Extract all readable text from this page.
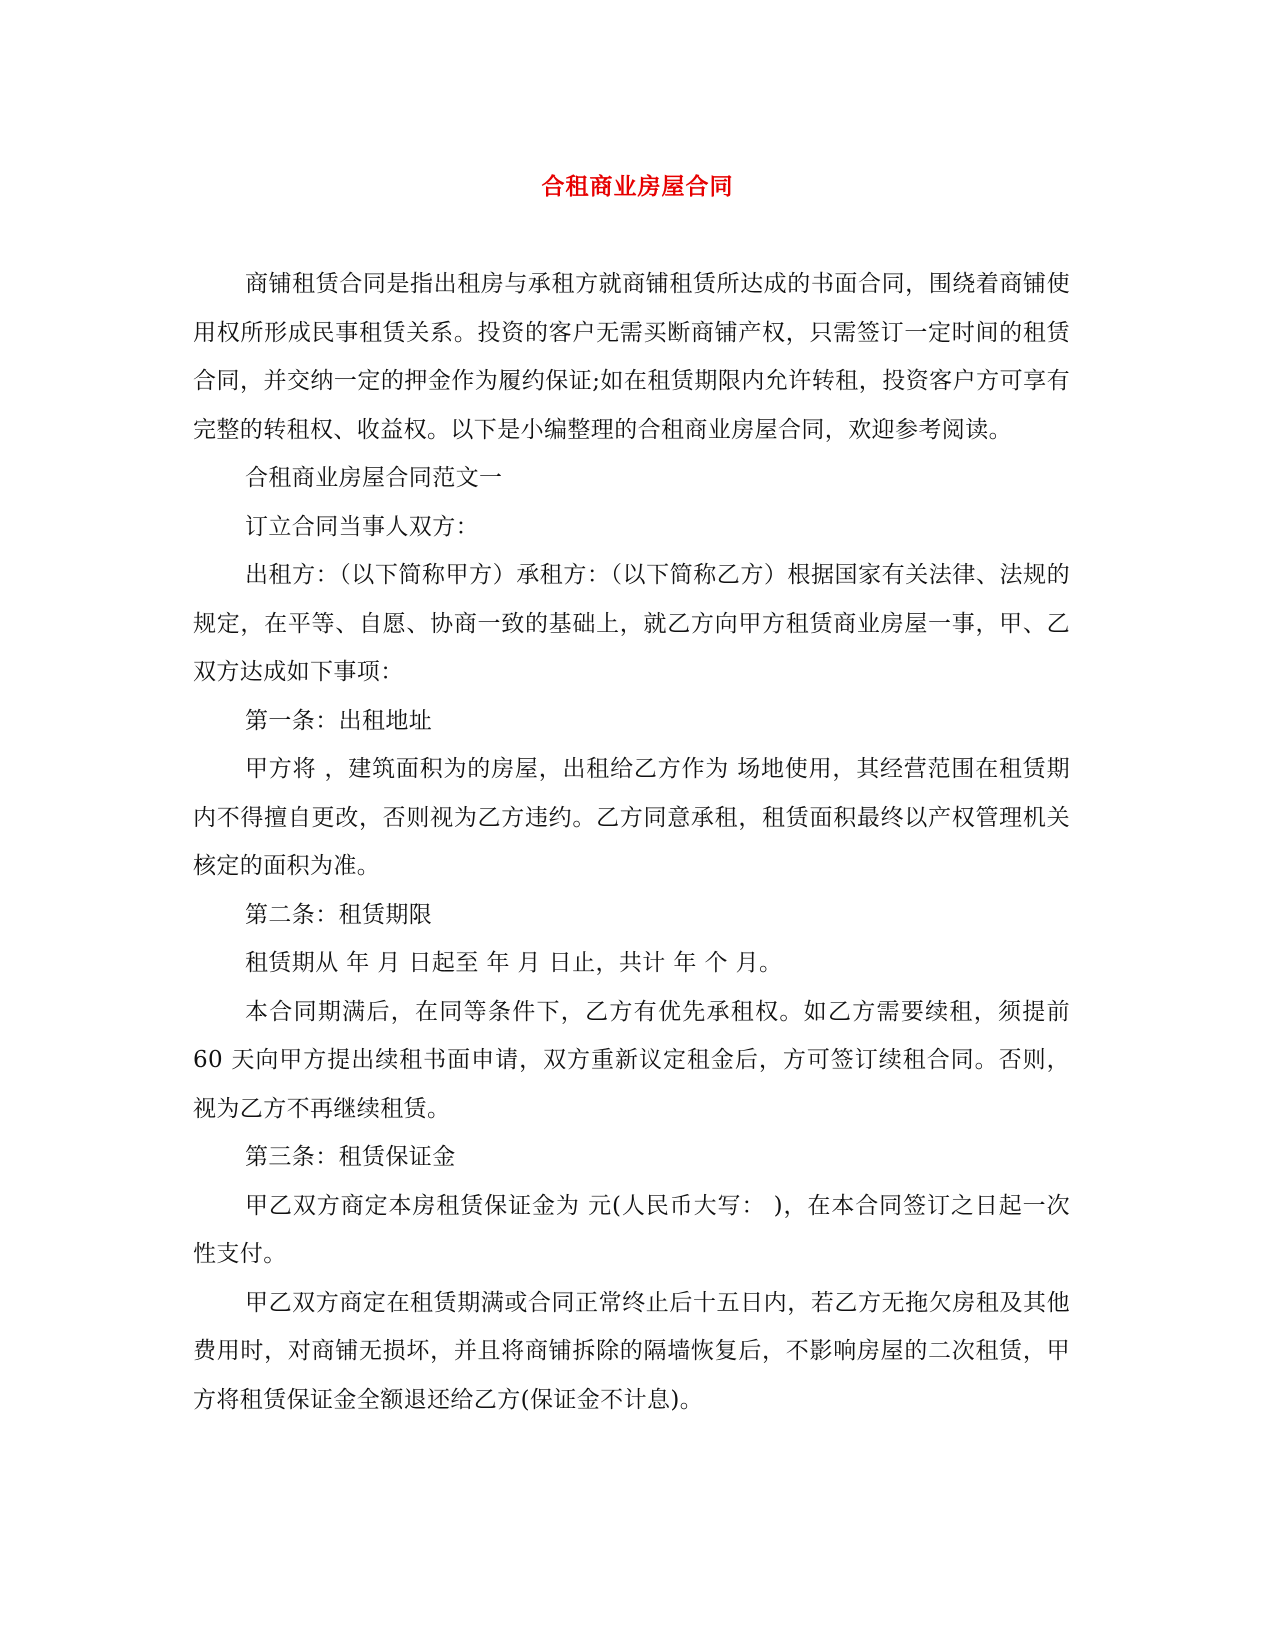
合租商业房屋合同

商铺租赁合同是指出租房与承租方就商铺租赁所达成的书面合同，围绕着商铺使用权所形成民事租赁关系。投资的客户无需买断商铺产权，只需签订一定时间的租赁合同，并交纳一定的押金作为履约保证;如在租赁期限内允许转租，投资客户方可享有完整的转租权、收益权。以下是小编整理的合租商业房屋合同，欢迎参考阅读。

合租商业房屋合同范文一

订立合同当事人双方：

出租方：（以下简称甲方）承租方：（以下简称乙方）根据国家有关法律、法规的规定，在平等、自愿、协商一致的基础上，就乙方向甲方租赁商业房屋一事，甲、乙双方达成如下事项：

第一条：出租地址

甲方将 ，建筑面积为的房屋，出租给乙方作为 场地使用，其经营范围在租赁期内不得擅自更改，否则视为乙方违约。乙方同意承租，租赁面积最终以产权管理机关核定的面积为准。

第二条：租赁期限

租赁期从 年 月 日起至 年 月 日止，共计 年 个 月。

本合同期满后，在同等条件下，乙方有优先承租权。如乙方需要续租，须提前 60 天向甲方提出续租书面申请，双方重新议定租金后，方可签订续租合同。否则，视为乙方不再继续租赁。

第三条：租赁保证金

甲乙双方商定本房租赁保证金为 元(人民币大写： )，在本合同签订之日起一次性支付。

甲乙双方商定在租赁期满或合同正常终止后十五日内，若乙方无拖欠房租及其他费用时，对商铺无损坏，并且将商铺拆除的隔墙恢复后，不影响房屋的二次租赁，甲方将租赁保证金全额退还给乙方(保证金不计息)。
